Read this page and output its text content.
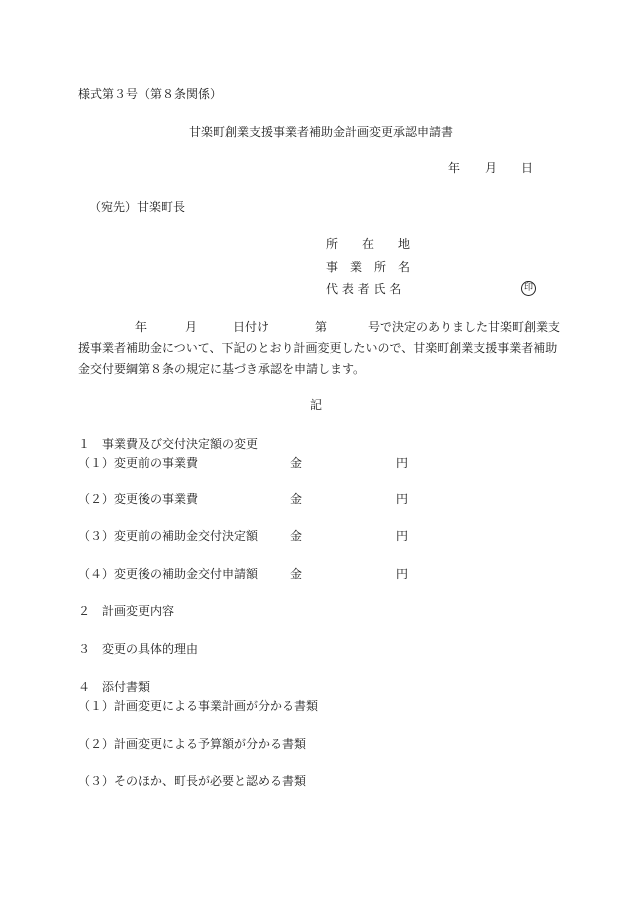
様式第３号（第８条関係）
甘楽町創業支援事業者補助金計画変更承認申請書
年 月 日
（宛先）甘楽町長
所　　在　　地
事　業　所　名
代 表 者 氏 名	印
年	月	日付け	第	号で決定のありました甘楽町創業支
援事業者補助金について、下記のとおり計画変更したいので、甘楽町創業支援事業者補助
金交付要綱第８条の規定に基づき承認を申請します。
記
１　事業費及び交付決定額の変更
（１）変更前の事業費	金	円
（２）変更後の事業費	金	円
（３）変更前の補助金交付決定額	金	円
（４）変更後の補助金交付申請額	金	円
２　計画変更内容
３　変更の具体的理由
４　添付書類
（１）計画変更による事業計画が分かる書類
（２）計画変更による予算額が分かる書類
（３）そのほか、町長が必要と認める書類
